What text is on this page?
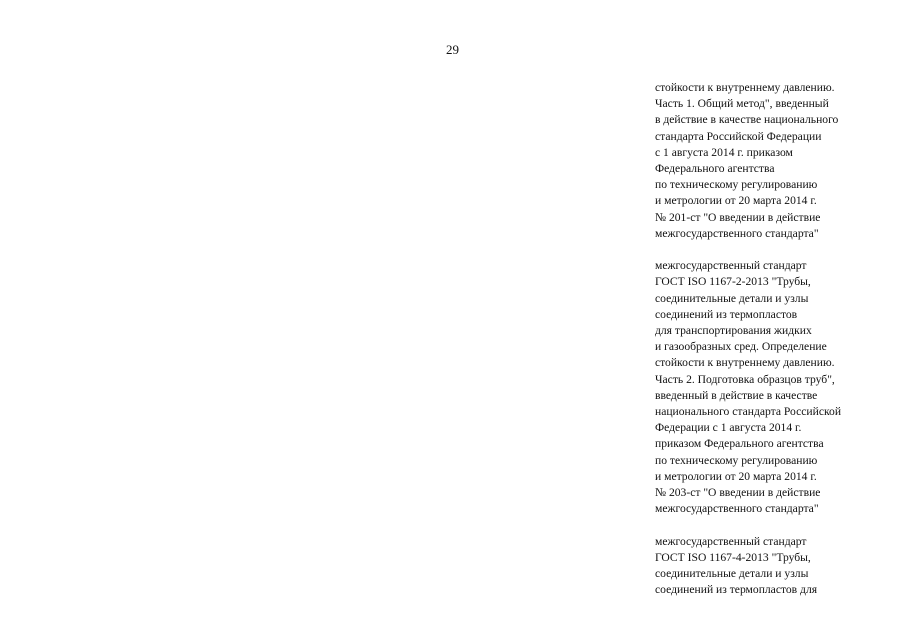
29
стойкости к внутреннему давлению.
Часть 1. Общий метод", введенный
в действие в качестве национального
стандарта Российской Федерации
с 1 августа 2014 г. приказом
Федерального агентства
по техническому регулированию
и метрологии от 20 марта 2014 г.
№ 201-ст "О введении в действие
межгосударственного стандарта"
межгосударственный стандарт
ГОСТ ISO 1167-2-2013 "Трубы,
соединительные детали и узлы
соединений из термопластов
для транспортирования жидких
и газообразных сред. Определение
стойкости к внутреннему давлению.
Часть 2. Подготовка образцов труб",
введенный в действие в качестве
национального стандарта Российской
Федерации с 1 августа 2014 г.
приказом Федерального агентства
по техническому регулированию
и метрологии от 20 марта 2014 г.
№ 203-ст "О введении в действие
межгосударственного стандарта"
межгосударственный стандарт
ГОСТ ISO 1167-4-2013 "Трубы,
соединительные детали и узлы
соединений из термопластов для
